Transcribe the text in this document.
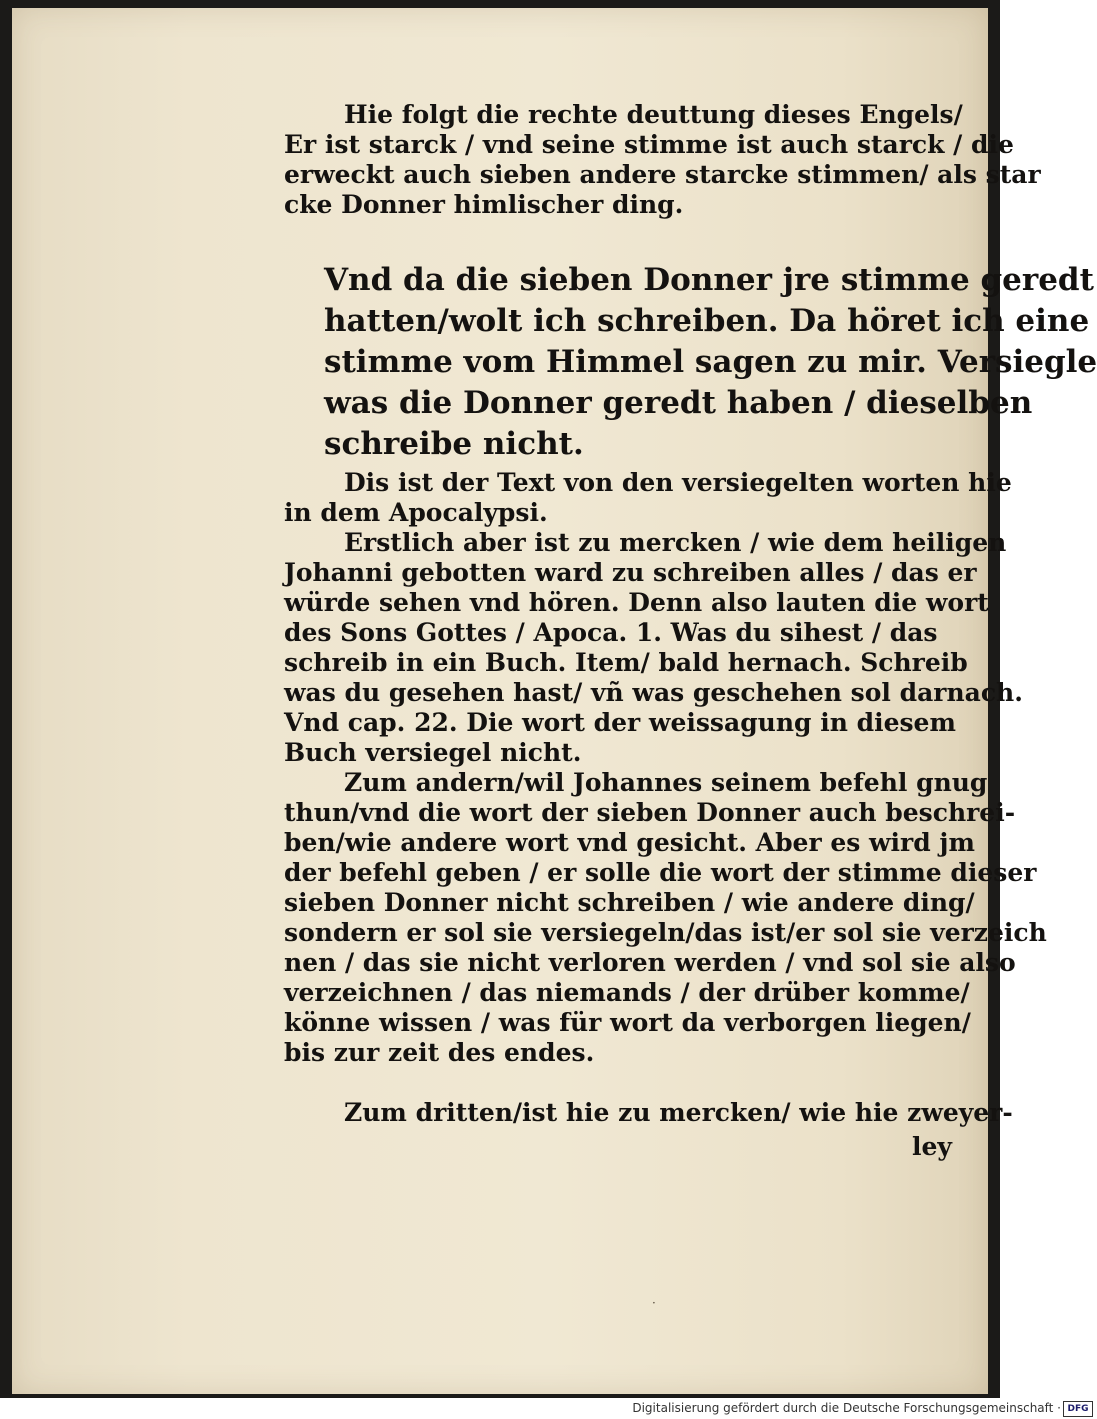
Hie folgt die rechte deuttung dieses Engels/
Er ist starck / vnd seine stimme ist auch starck / die
erweckt auch sieben andere starcke stimmen/ als star
cke Donner himlischer ding.
Vnd da die sieben Donner jre stimme geredt
hatten/wolt ich schreiben. Da höret ich eine
stimme vom Himmel sagen zu mir. Versiegle
was die Donner geredt haben / dieselben
schreibe nicht.
Dis ist der Text von den versiegelten worten hie
in dem Apocalypsi.
Erstlich aber ist zu mercken / wie dem heiligen
Johanni gebotten ward zu schreiben alles / das er
würde sehen vnd hören. Denn also lauten die wort
des Sons Gottes / Apoca. 1. Was du sihest / das
schreib in ein Buch. Item/ bald hernach. Schreib
was du gesehen hast/ vñ was geschehen sol darnach.
Vnd cap. 22. Die wort der weissagung in diesem
Buch versiegel nicht.
Zum andern/wil Johannes seinem befehl gnug
thun/vnd die wort der sieben Donner auch beschrei-
ben/wie andere wort vnd gesicht. Aber es wird jm
der befehl geben / er solle die wort der stimme dieser
sieben Donner nicht schreiben / wie andere ding/
sondern er sol sie versiegeln/das ist/er sol sie verzeich
nen / das sie nicht verloren werden / vnd sol sie also
verzeichnen / das niemands / der drüber komme/
könne wissen / was für wort da verborgen liegen/
bis zur zeit des endes.
Zum dritten/ist hie zu mercken/ wie hie zweyer-
ley
·
Digitalisierung gefördert durch die Deutsche Forschungsgemeinschaft · DFG
